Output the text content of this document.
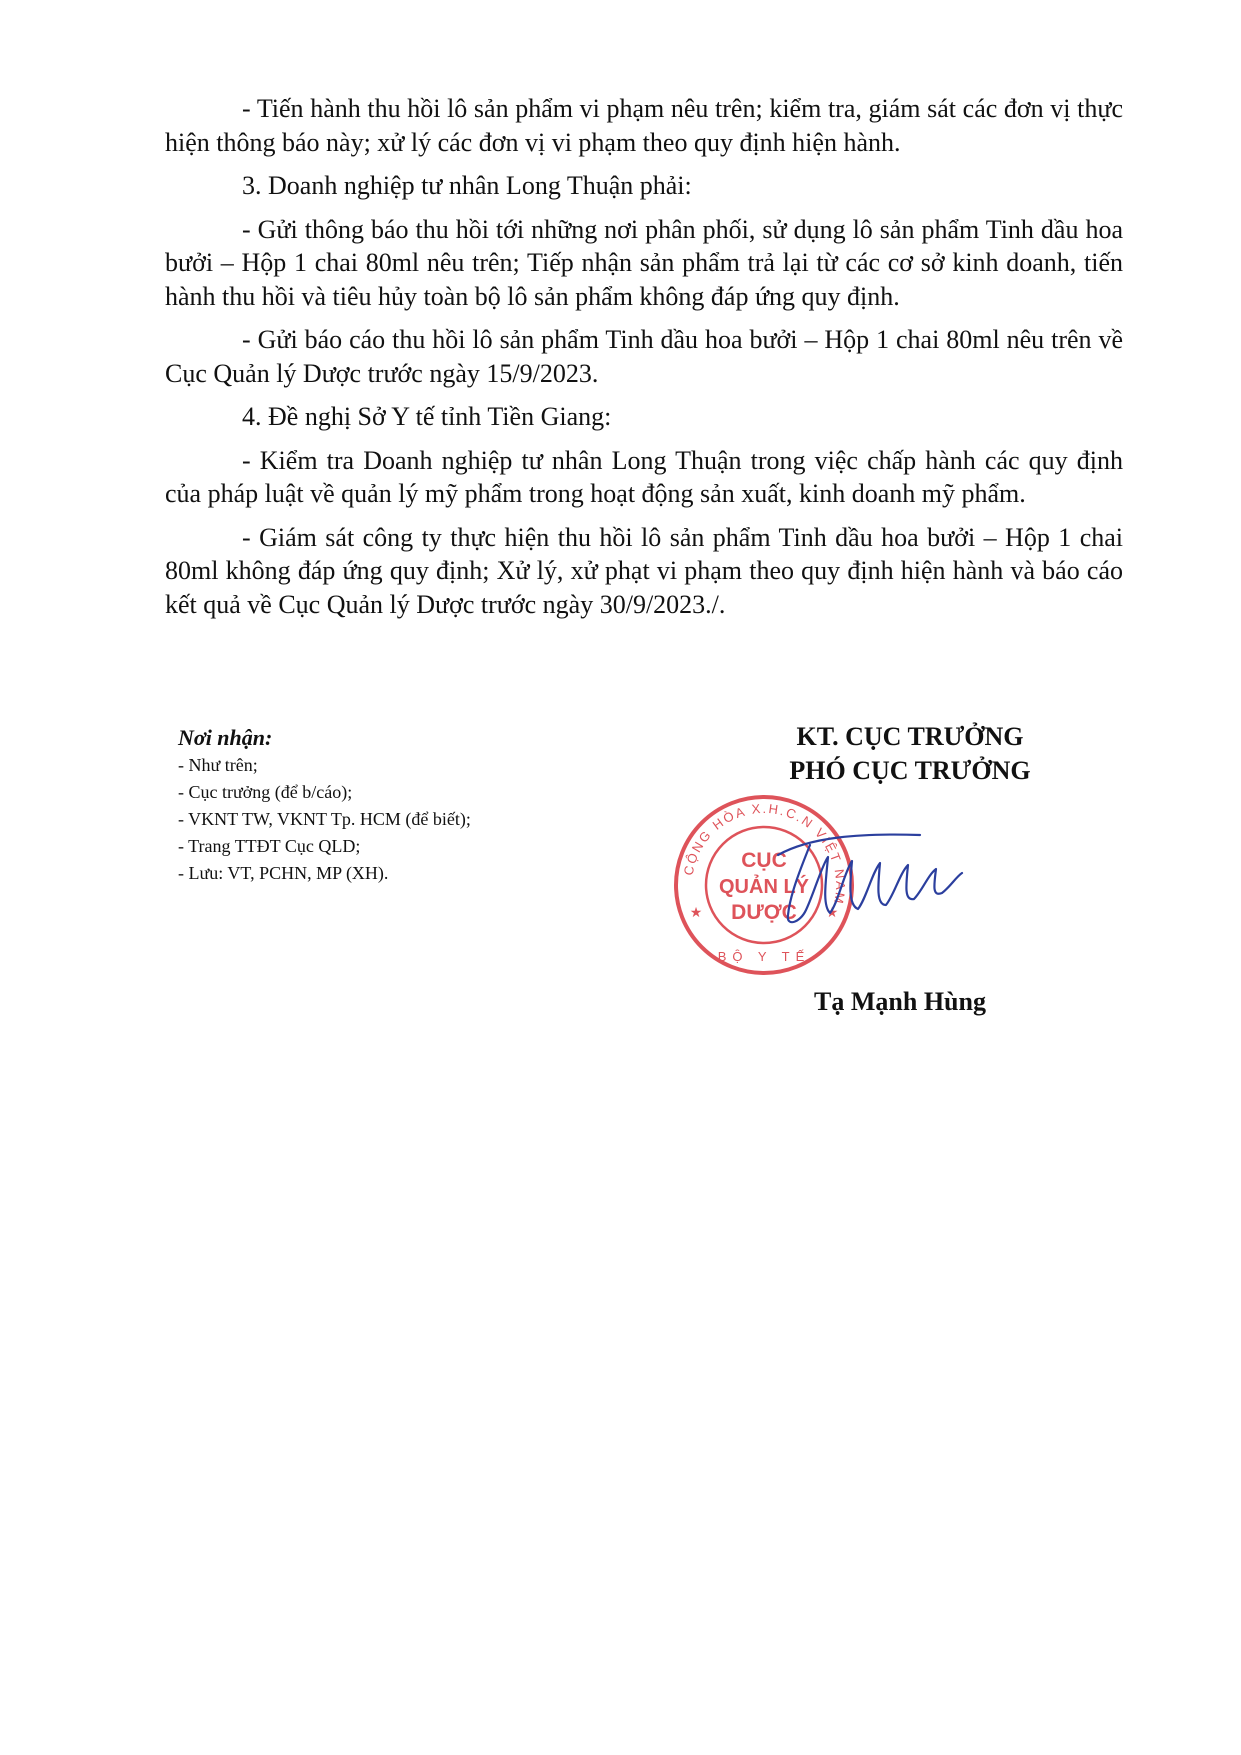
- Tiến hành thu hồi lô sản phẩm vi phạm nêu trên; kiểm tra, giám sát các đơn vị thực hiện thông báo này; xử lý các đơn vị vi phạm theo quy định hiện hành.

3. Doanh nghiệp tư nhân Long Thuận phải:

- Gửi thông báo thu hồi tới những nơi phân phối, sử dụng lô sản phẩm Tinh dầu hoa bưởi – Hộp 1 chai 80ml nêu trên; Tiếp nhận sản phẩm trả lại từ các cơ sở kinh doanh, tiến hành thu hồi và tiêu hủy toàn bộ lô sản phẩm không đáp ứng quy định.

- Gửi báo cáo thu hồi lô sản phẩm Tinh dầu hoa bưởi – Hộp 1 chai 80ml nêu trên về Cục Quản lý Dược trước ngày 15/9/2023.

4. Đề nghị Sở Y tế tỉnh Tiền Giang:

- Kiểm tra Doanh nghiệp tư nhân Long Thuận trong việc chấp hành các quy định của pháp luật về quản lý mỹ phẩm trong hoạt động sản xuất, kinh doanh mỹ phẩm.

- Giám sát công ty thực hiện thu hồi lô sản phẩm Tinh dầu hoa bưởi – Hộp 1 chai 80ml không đáp ứng quy định; Xử lý, xử phạt vi phạm theo quy định hiện hành và báo cáo kết quả về Cục Quản lý Dược trước ngày 30/9/2023./.

Nơi nhận:
- Như trên;
- Cục trưởng (để b/cáo);
- VKNT TW, VKNT Tp. HCM (để biết);
- Trang TTĐT Cục QLD;
- Lưu: VT, PCHN, MP (XH).
KT. CỤC TRƯỞNG
PHÓ CỤC TRƯỞNG
CỘNG HÒA X.H.C.N VIỆT NAM
BỘ Y TẾ
★	★
CỤC
QUẢN LÝ
DƯỢC
Tạ Mạnh Hùng
